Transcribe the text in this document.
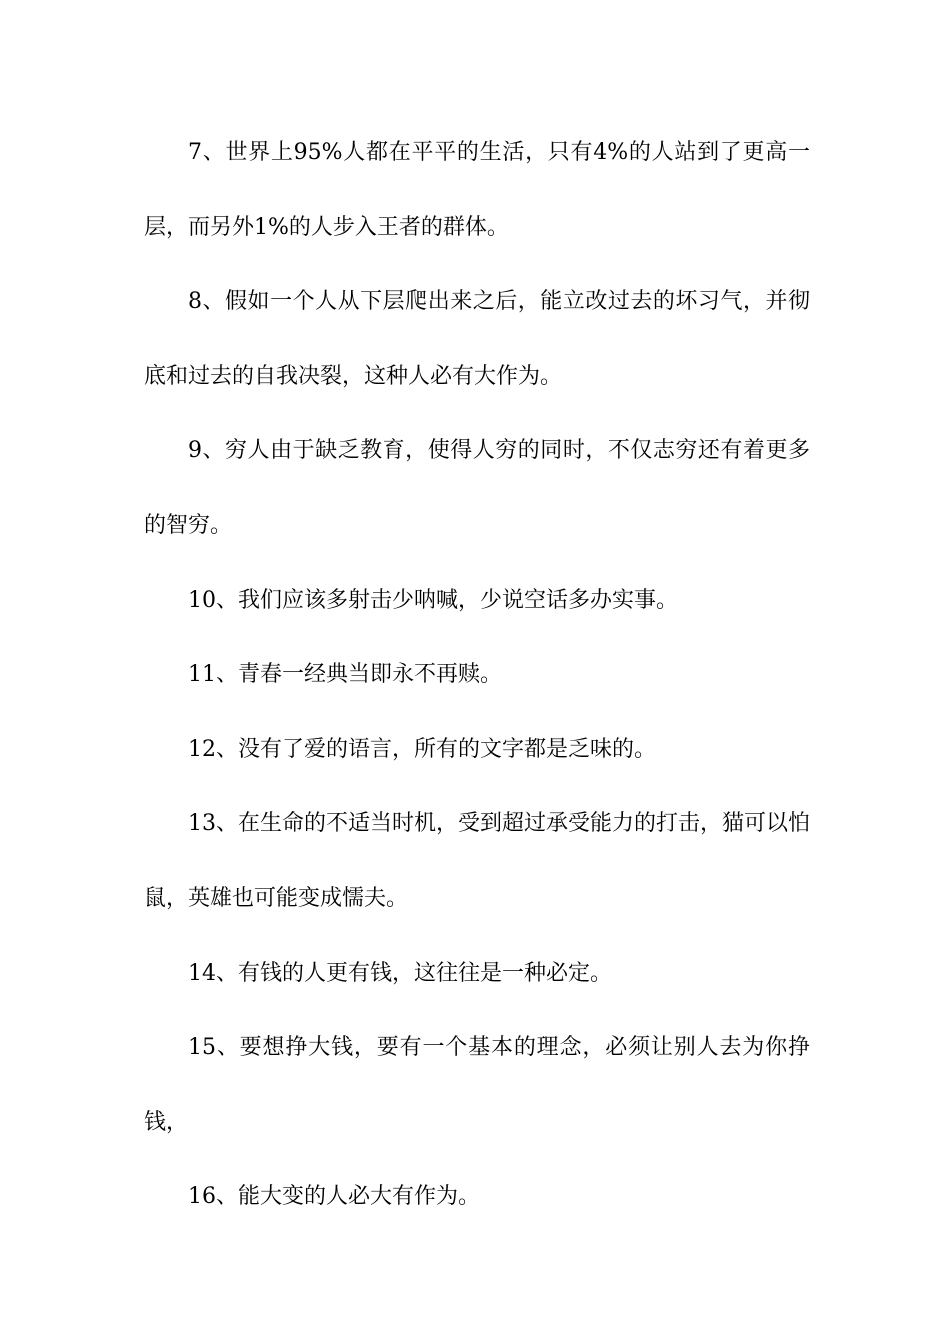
7、世界上95%人都在平平的生活，只有4%的人站到了更高一层，而另外1%的人步入王者的群体。

8、假如一个人从下层爬出来之后，能立改过去的坏习气，并彻底和过去的自我决裂，这种人必有大作为。

9、穷人由于缺乏教育，使得人穷的同时，不仅志穷还有着更多的智穷。

10、我们应该多射击少呐喊，少说空话多办实事。

11、青春一经典当即永不再赎。

12、没有了爱的语言，所有的文字都是乏味的。

13、在生命的不适当时机，受到超过承受能力的打击，猫可以怕鼠，英雄也可能变成懦夫。

14、有钱的人更有钱，这往往是一种必定。

15、要想挣大钱，要有一个基本的理念，必须让别人去为你挣钱，

16、能大变的人必大有作为。
